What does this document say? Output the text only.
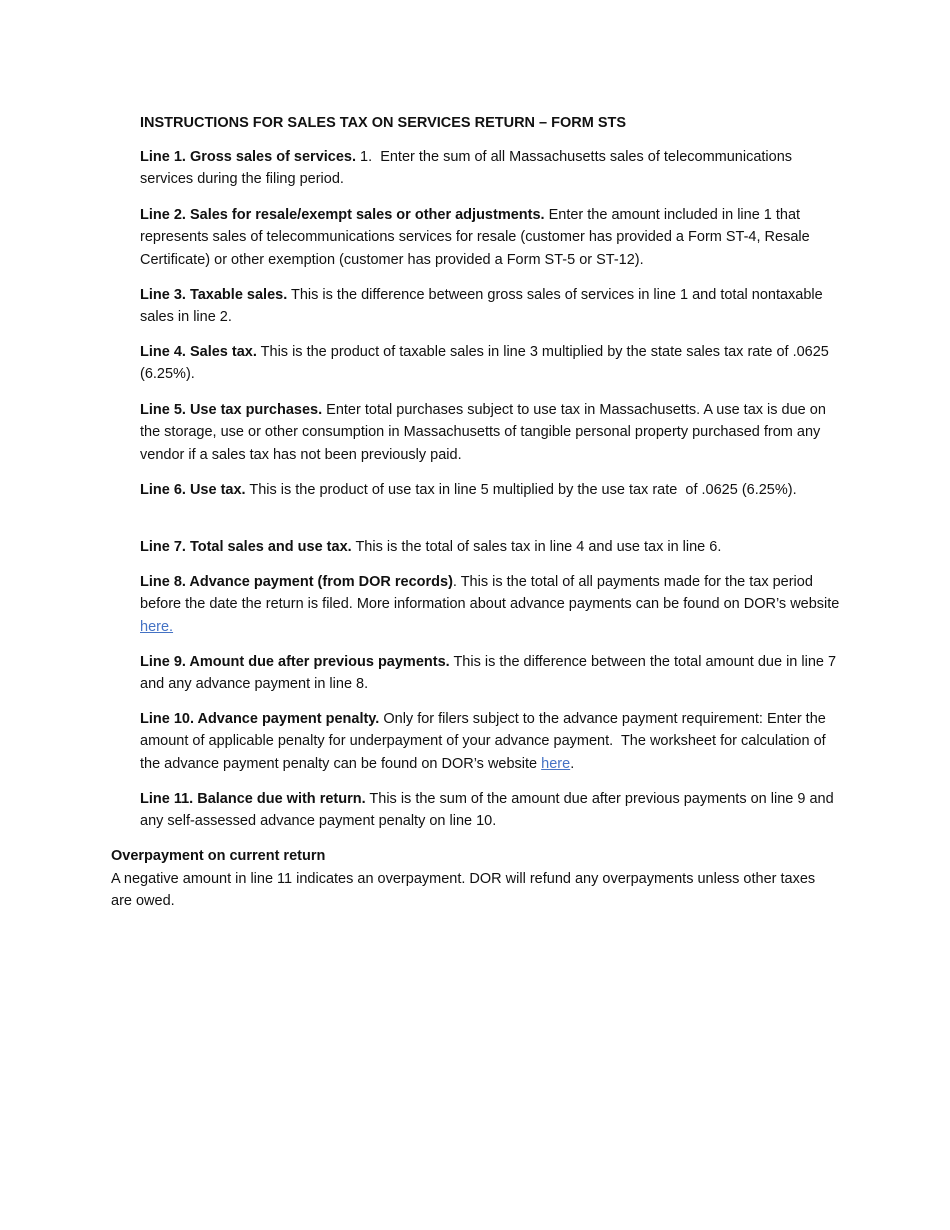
INSTRUCTIONS FOR SALES TAX ON SERVICES RETURN – FORM STS

Line 1. Gross sales of services. 1.  Enter the sum of all Massachusetts sales of telecommunications services during the filing period.

Line 2. Sales for resale/exempt sales or other adjustments. Enter the amount included in line 1 that represents sales of telecommunications services for resale (customer has provided a Form ST-4, Resale Certificate) or other exemption (customer has provided a Form ST-5 or ST-12).

Line 3. Taxable sales. This is the difference between gross sales of services in line 1 and total nontaxable sales in line 2.

Line 4. Sales tax. This is the product of taxable sales in line 3 multiplied by the state sales tax rate of .0625 (6.25%).

Line 5. Use tax purchases. Enter total purchases subject to use tax in Massachusetts. A use tax is due on the storage, use or other consumption in Massachusetts of tangible personal property purchased from any vendor if a sales tax has not been previously paid.

Line 6. Use tax. This is the product of use tax in line 5 multiplied by the use tax rate  of .0625 (6.25%).

Line 7. Total sales and use tax. This is the total of sales tax in line 4 and use tax in line 6.

Line 8. Advance payment (from DOR records). This is the total of all payments made for the tax period before the date the return is filed. More information about advance payments can be found on DOR’s website here.

Line 9. Amount due after previous payments. This is the difference between the total amount due in line 7 and any advance payment in line 8.

Line 10. Advance payment penalty. Only for filers subject to the advance payment requirement: Enter the amount of applicable penalty for underpayment of your advance payment.  The worksheet for calculation of the advance payment penalty can be found on DOR’s website here.

Line 11. Balance due with return. This is the sum of the amount due after previous payments on line 9 and any self-assessed advance payment penalty on line 10.

Overpayment on current return

A negative amount in line 11 indicates an overpayment. DOR will refund any overpayments unless other taxes are owed.
